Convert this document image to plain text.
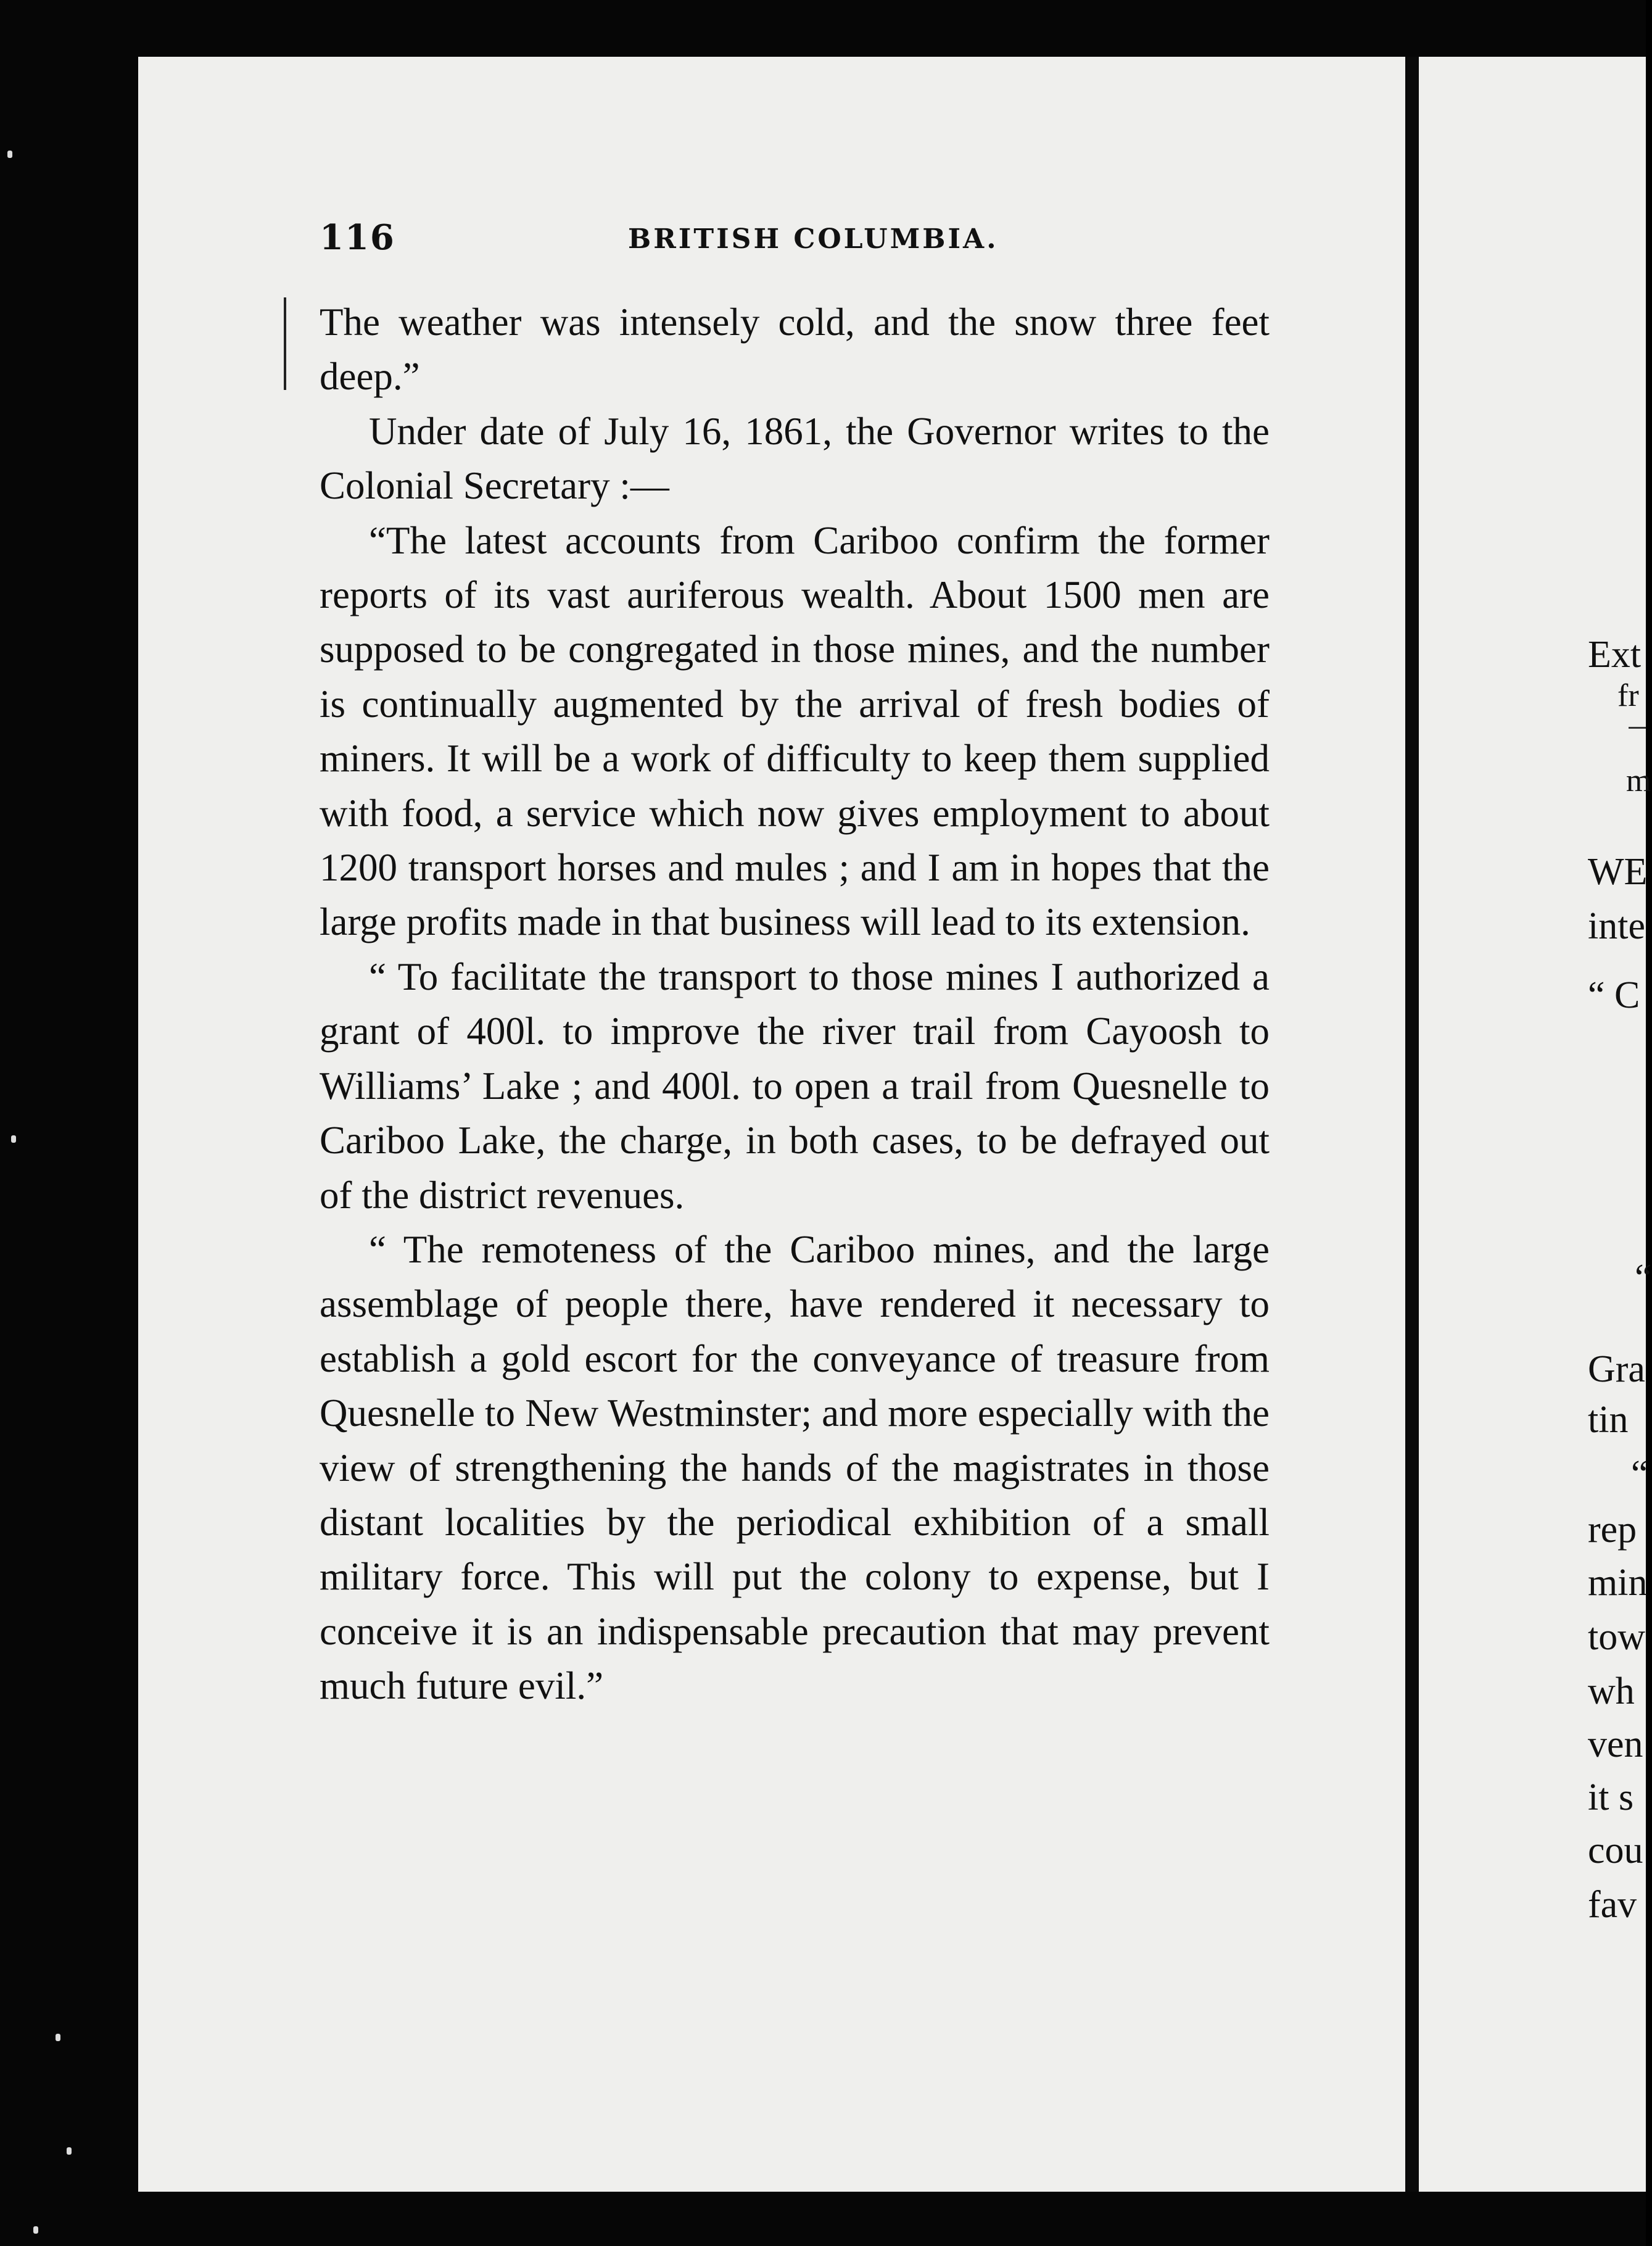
116	BRITISH COLUMBIA.

The weather was intensely cold, and the snow three feet deep.”

Under date of July 16, 1861, the Governor writes to the Colonial Secretary :—

“The latest accounts from Cariboo confirm the former reports of its vast auriferous wealth. About 1500 men are supposed to be congregated in those mines, and the number is continually augmented by the arrival of fresh bodies of miners. It will be a work of difficulty to keep them supplied with food, a service which now gives employment to about 1200 transport horses and mules ; and I am in hopes that the large profits made in that business will lead to its extension.

“ To facilitate the transport to those mines I authorized a grant of 400l. to improve the river trail from Cayoosh to Williams’ Lake ; and 400l. to open a trail from Quesnelle to Cariboo Lake, the charge, in both cases, to be defrayed out of the district revenues.

“ The remoteness of the Cariboo mines, and the large assemblage of people there, have rendered it necessary to establish a gold escort for the conveyance of treasure from Quesnelle to New Westminster; and more especially with the view of strengthening the hands of the magistrates in those distant localities by the periodical exhibition of a small military force. This will put the colony to expense, but I conceive it is an indispensable precaution that may prevent much future evil.”

Ext
fr
m
WE
inte
“ C
“
Gra
tin
“
rep
min
tow
wh
ven
it s
cou
fav
